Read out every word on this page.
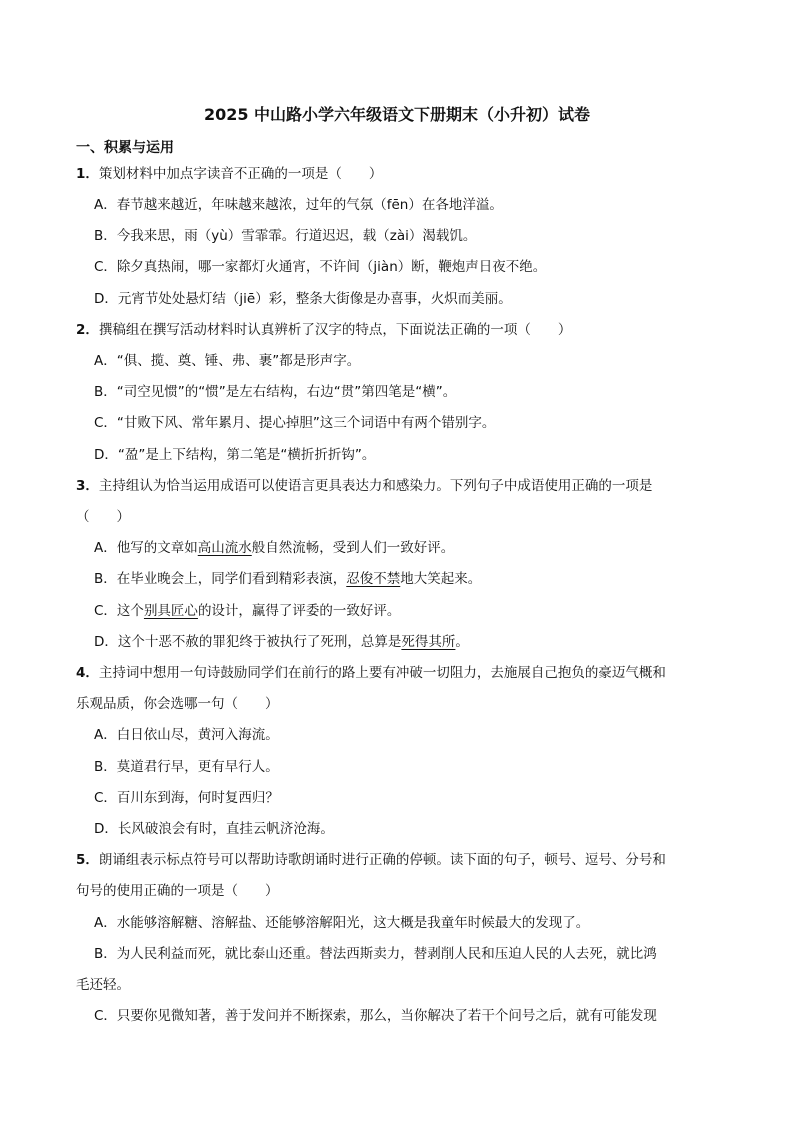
2025 中山路小学六年级语文下册期末（小升初）试卷
一、积累与运用
1．策划材料中加点字读音不正确的一项是（　　）
A．春节越来越近，年味越来越浓，过年的气氛（fēn）在各地洋溢。
B．今我来思，雨（yù）雪霏霏。行道迟迟，载（zài）渴载饥。
C．除夕真热闹，哪一家都灯火通宵，不许间（jiàn）断，鞭炮声日夜不绝。
D．元宵节处处悬灯结（jiē）彩，整条大街像是办喜事，火炽而美丽。
2．撰稿组在撰写活动材料时认真辨析了汉字的特点，下面说法正确的一项（　　）
A．“俱、揽、奠、锤、弗、裹”都是形声字。
B．“司空见惯”的“惯”是左右结构，右边“贯”第四笔是“横”。
C．“甘败下风、常年累月、提心掉胆”这三个词语中有两个错别字。
D．“盈”是上下结构，第二笔是“横折折折钩”。
3．主持组认为恰当运用成语可以使语言更具表达力和感染力。下列句子中成语使用正确的一项是
（　　）
A．他写的文章如高山流水般自然流畅，受到人们一致好评。
B．在毕业晚会上，同学们看到精彩表演，忍俊不禁地大笑起来。
C．这个别具匠心的设计，赢得了评委的一致好评。
D．这个十恶不赦的罪犯终于被执行了死刑，总算是死得其所。
4．主持词中想用一句诗鼓励同学们在前行的路上要有冲破一切阻力，去施展自己抱负的豪迈气概和
乐观品质，你会选哪一句（　　）
A．白日依山尽，黄河入海流。
B．莫道君行早，更有早行人。
C．百川东到海，何时复西归？
D．长风破浪会有时，直挂云帆济沧海。
5．朗诵组表示标点符号可以帮助诗歌朗诵时进行正确的停顿。读下面的句子，顿号、逗号、分号和
句号的使用正确的一项是（　　）
A．水能够溶解糖、溶解盐、还能够溶解阳光，这大概是我童年时候最大的发现了。
B．为人民利益而死，就比泰山还重。替法西斯卖力，替剥削人民和压迫人民的人去死，就比鸿
毛还轻。
C．只要你见微知著，善于发问并不断探索，那么，当你解决了若干个问号之后，就有可能发现
